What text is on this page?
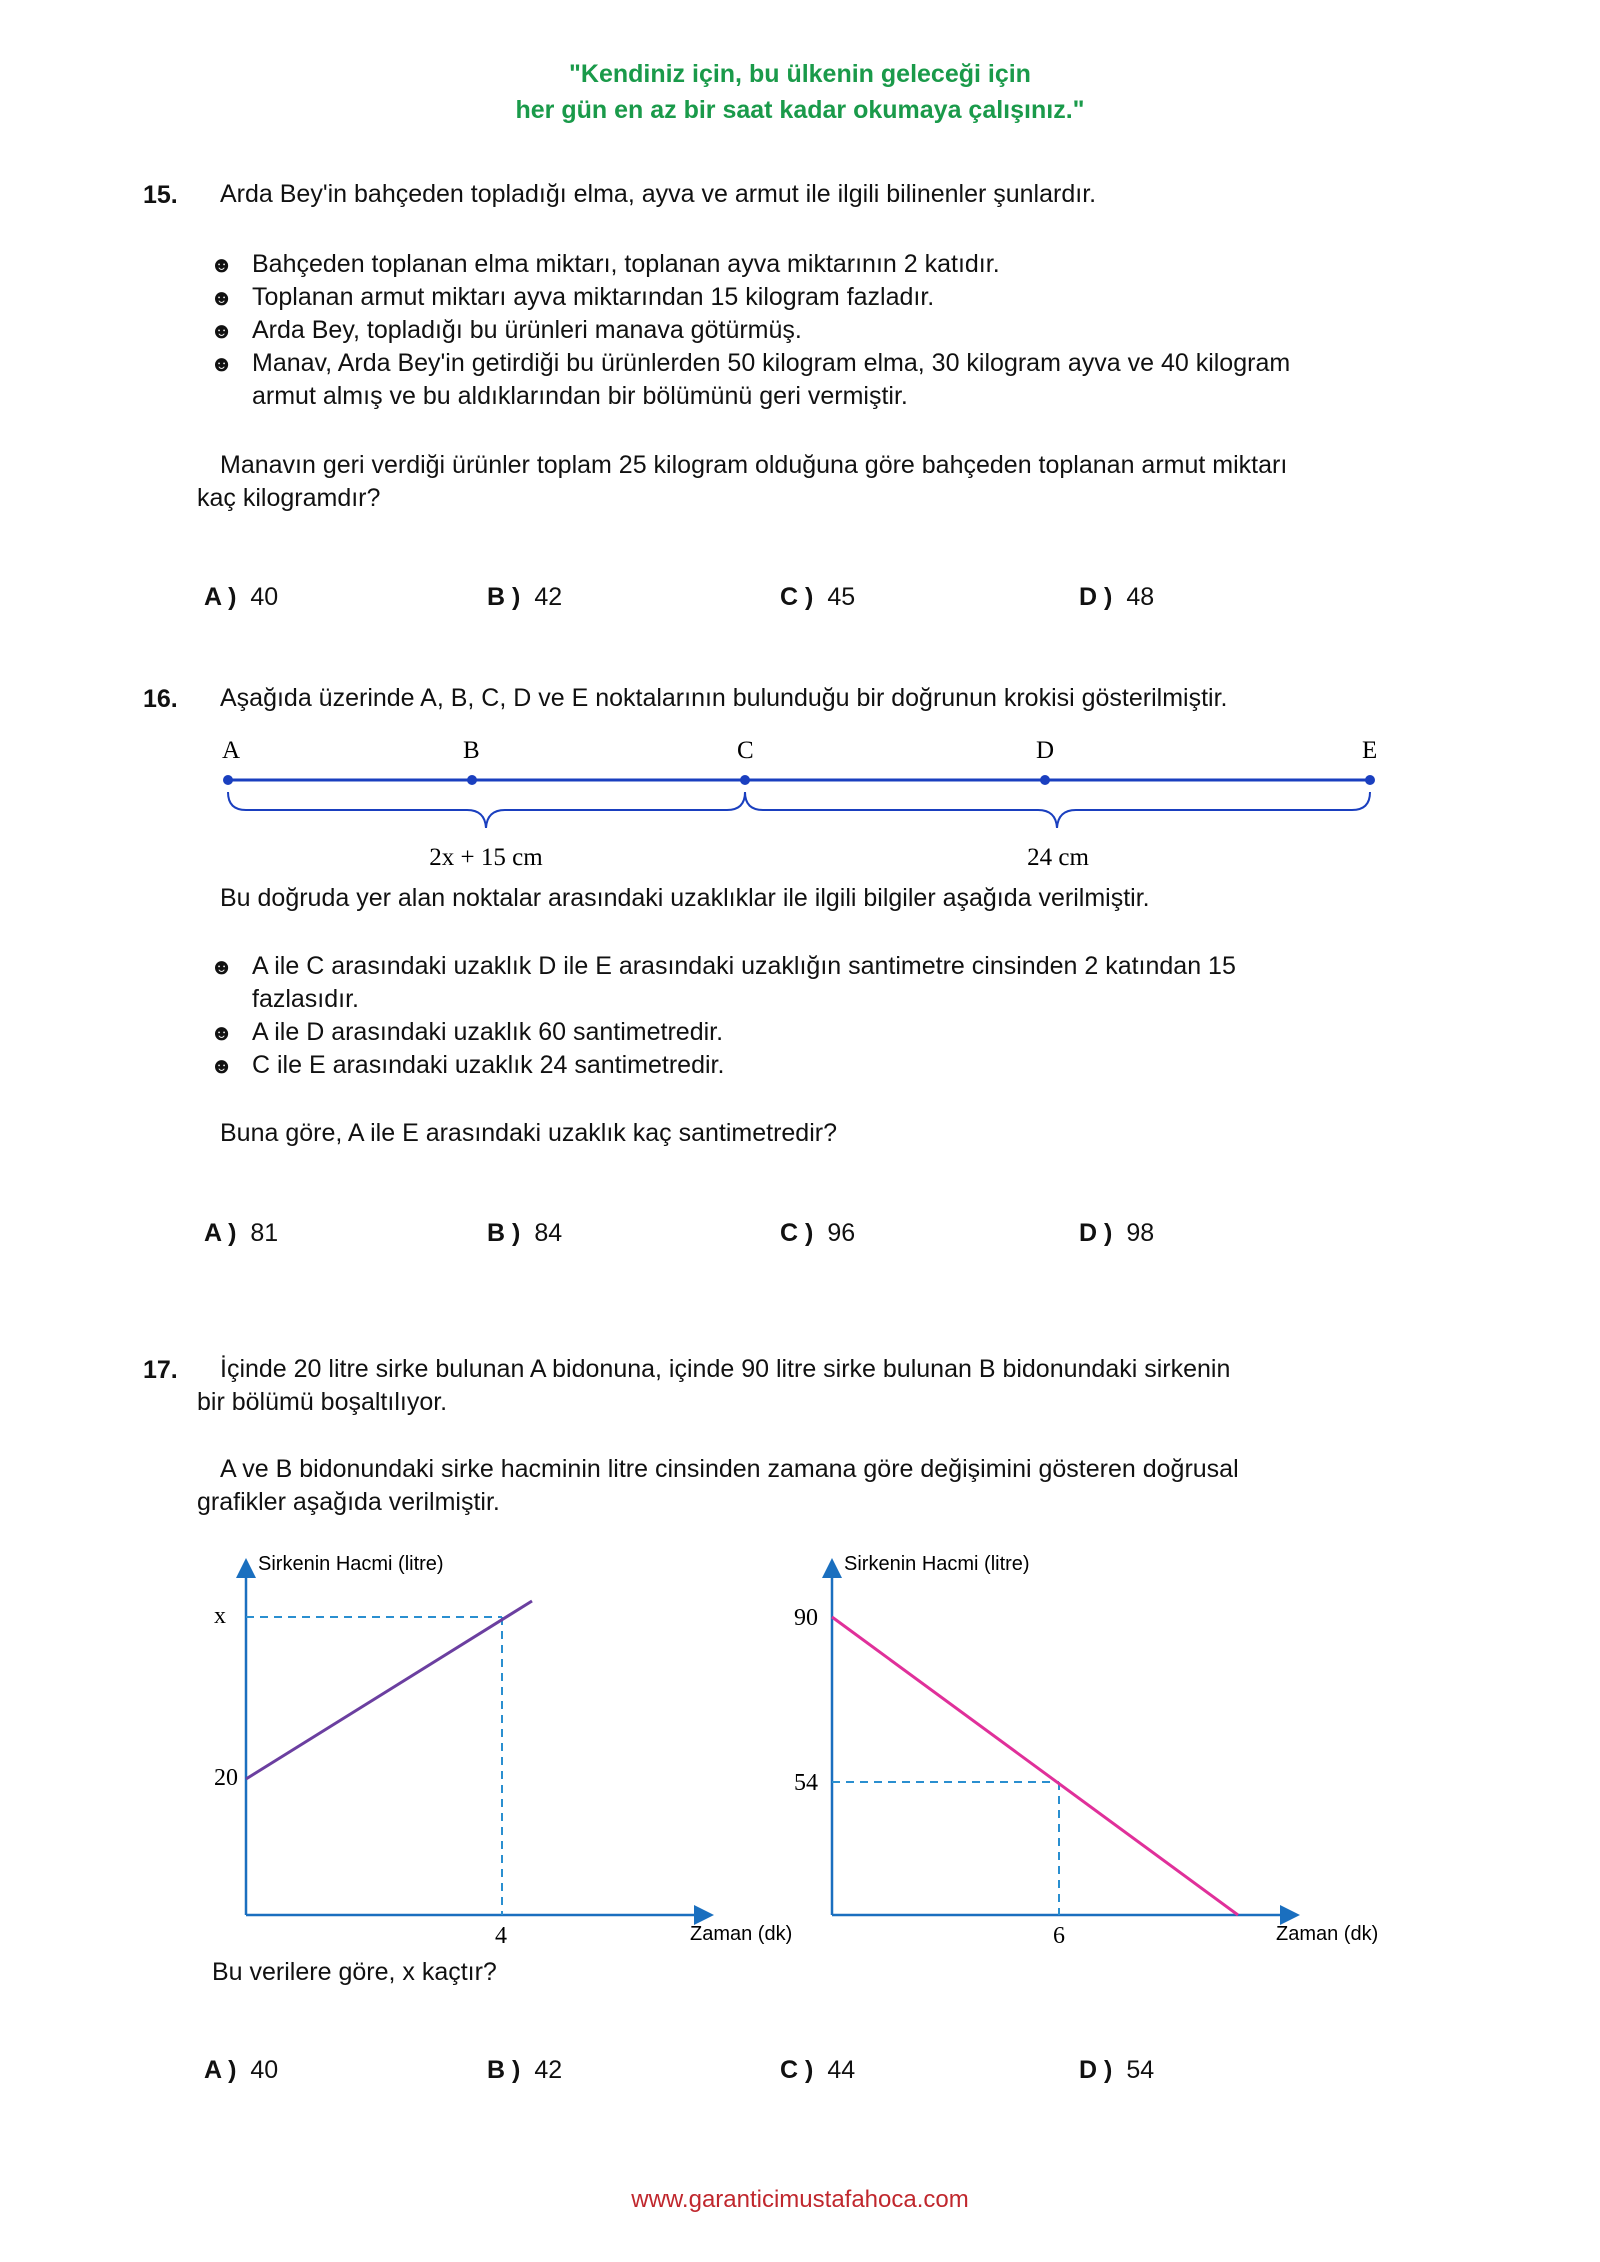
"Kendiniz için, bu ülkenin geleceği için
her gün en az bir saat kadar okumaya çalışınız."
15. Arda Bey'in bahçeden topladığı elma, ayva ve armut ile ilgili bilinenler şunlardır.
☻ Bahçeden toplanan elma miktarı, toplanan ayva miktarının 2 katıdır.
☻ Toplanan armut miktarı ayva miktarından 15 kilogram fazladır.
☻ Arda Bey, topladığı bu ürünleri manava götürmüş.
☻ Manav, Arda Bey'in getirdiği bu ürünlerden 50 kilogram elma, 30 kilogram ayva ve 40 kilogram
armut almış ve bu aldıklarından bir bölümünü geri vermiştir.
Manavın geri verdiği ürünler toplam 25 kilogram olduğuna göre bahçeden toplanan armut miktarı
kaç kilogramdır?
A ) 40	B ) 42	C ) 45	D ) 48
16. Aşağıda üzerinde A, B, C, D ve E noktalarının bulunduğu bir doğrunun krokisi gösterilmiştir.
A	B	C	D	E
2x + 15 cm	24 cm
Bu doğruda yer alan noktalar arasındaki uzaklıklar ile ilgili bilgiler aşağıda verilmiştir.
☻ A ile C arasındaki uzaklık D ile E arasındaki uzaklığın santimetre cinsinden 2 katından 15
fazlasıdır.
☻ A ile D arasındaki uzaklık 60 santimetredir.
☻ C ile E arasındaki uzaklık 24 santimetredir.
Buna göre, A ile E arasındaki uzaklık kaç santimetredir?
A ) 81	B ) 84	C ) 96	D ) 98
17. İçinde 20 litre sirke bulunan A bidonuna, içinde 90 litre sirke bulunan B bidonundaki sirkenin
bir bölümü boşaltılıyor.
A ve B bidonundaki sirke hacminin litre cinsinden zamana göre değişimini gösteren doğrusal
grafikler aşağıda verilmiştir.
Sirkenin Hacmi (litre)
Zaman (dk)
20
x
4
Sirkenin Hacmi (litre)
Zaman (dk)
54
90
6
Bu verilere göre, x kaçtır?
A ) 40	B ) 42	C ) 44	D ) 54
www.garanticimustafahoca.com
